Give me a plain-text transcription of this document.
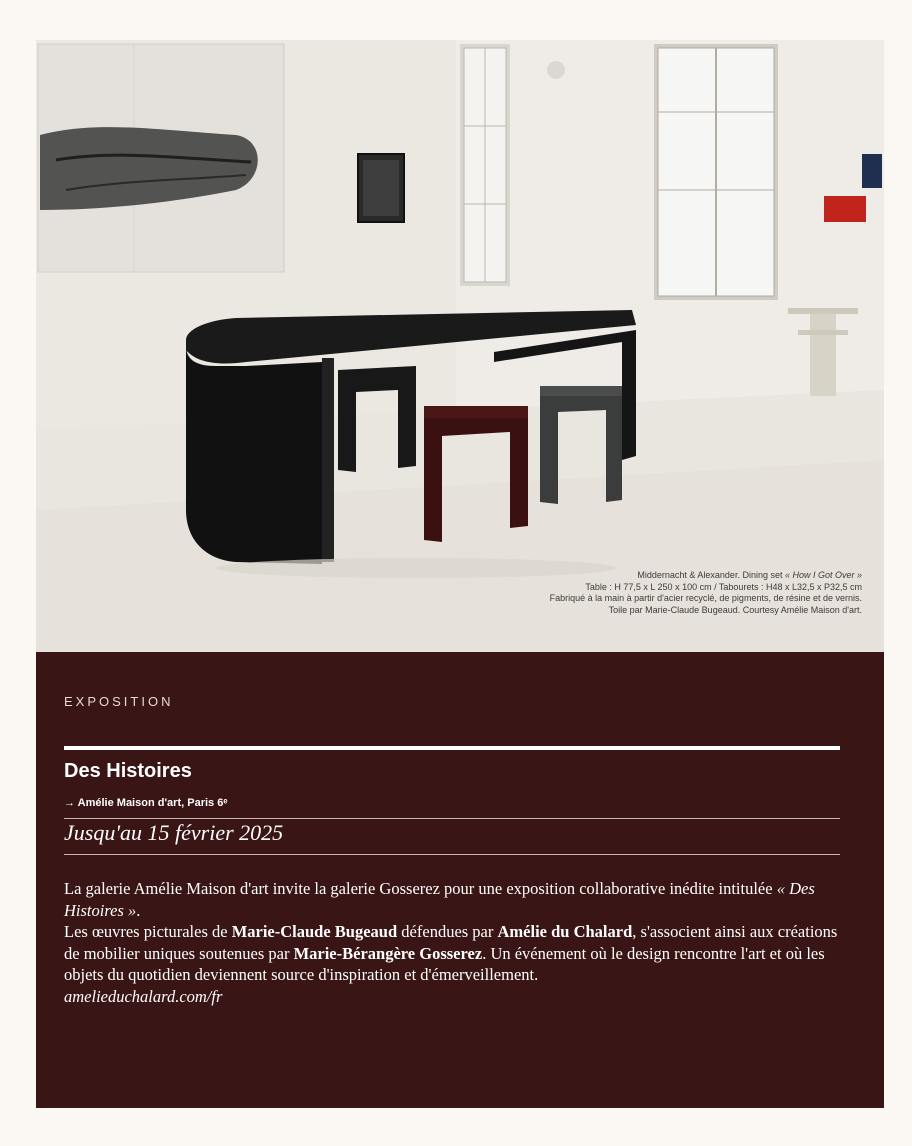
Middernacht & Alexander. Dining set « How I Got Over »
Table : H 77,5 x L 250 x 100 cm / Tabourets : H48 x L32,5 x P32,5 cm
Fabriqué à la main à partir d'acier recyclé, de pigments, de résine et de vernis.
Toile par Marie-Claude Bugeaud. Courtesy Amélie Maison d'art.
EXPOSITION
Des Histoires
→ Amélie Maison d'art, Paris 6ᵉ
Jusqu'au 15 février 2025

La galerie Amélie Maison d'art invite la galerie Gosserez pour une exposition collaborative inédite intitulée « Des Histoires ».

Les œuvres picturales de Marie-Claude Bugeaud défendues par Amélie du Chalard, s'associent ainsi aux créations de mobilier uniques soutenues par Marie-Bérangère Gosserez. Un événement où le design rencontre l'art et où les objets du quotidien deviennent source d'inspiration et d'émerveillement.

amelieduchalard.com/fr
